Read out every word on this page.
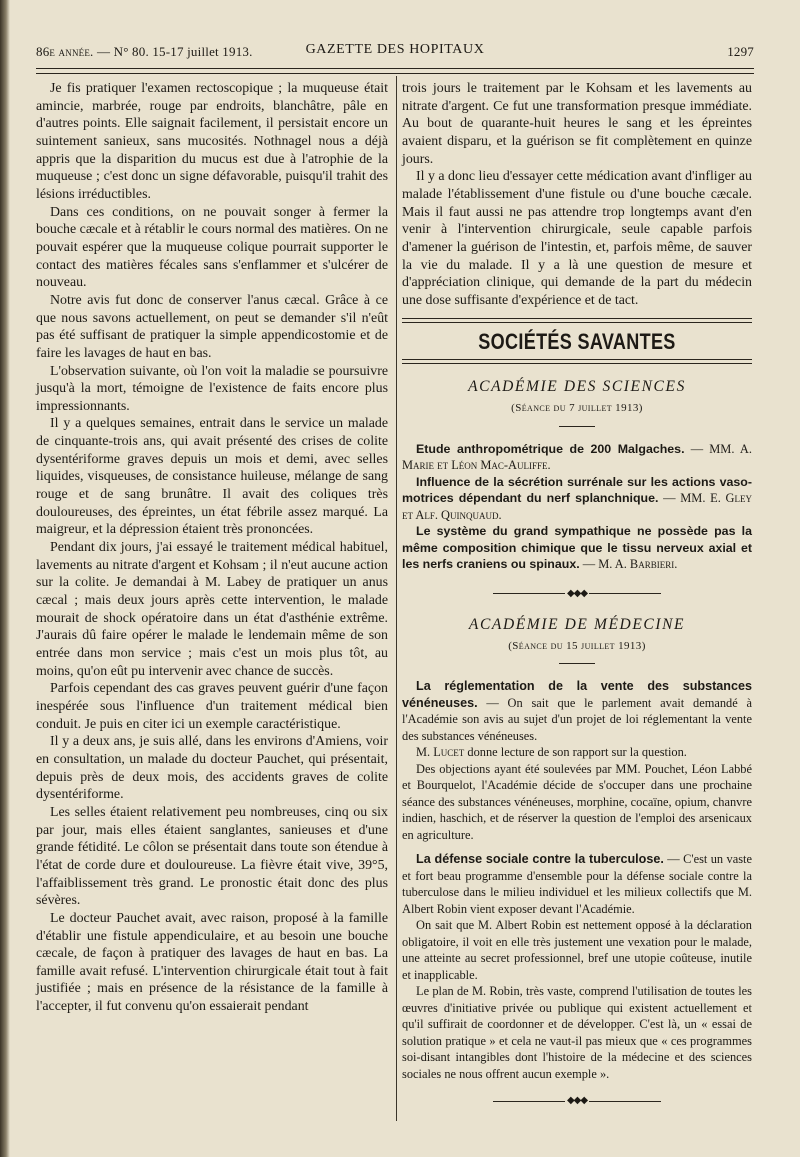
86e année. — N° 80. 15-17 juillet 1913.	GAZETTE DES HOPITAUX	1297

Je fis pratiquer l'examen rectoscopique ; la muqueuse était amincie, marbrée, rouge par endroits, blanchâtre, pâle en d'autres points. Elle saignait facilement, il persistait encore un suintement sanieux, sans mucosités. Nothnagel nous a déjà appris que la disparition du mucus est due à l'atrophie de la muqueuse ; c'est donc un signe défavorable, puisqu'il trahit des lésions irréductibles.

Dans ces conditions, on ne pouvait songer à fermer la bouche cæcale et à rétablir le cours normal des matières. On ne pouvait espérer que la muqueuse colique pourrait supporter le contact des matières fécales sans s'enflammer et s'ulcérer de nouveau.

Notre avis fut donc de conserver l'anus cæcal. Grâce à ce que nous savons actuellement, on peut se demander s'il n'eût pas été suffisant de pratiquer la simple appendicostomie et de faire les lavages de haut en bas.

L'observation suivante, où l'on voit la maladie se poursuivre jusqu'à la mort, témoigne de l'existence de faits encore plus impressionnants.

Il y a quelques semaines, entrait dans le service un malade de cinquante-trois ans, qui avait présenté des crises de colite dysentériforme graves depuis un mois et demi, avec selles liquides, visqueuses, de consistance huileuse, mélange de sang rouge et de sang brunâtre. Il avait des coliques très douloureuses, des épreintes, un état fébrile assez marqué. La maigreur, et la dépression étaient très prononcées.

Pendant dix jours, j'ai essayé le traitement médical habituel, lavements au nitrate d'argent et Kohsam ; il n'eut aucune action sur la colite. Je demandai à M. Labey de pratiquer un anus cæcal ; mais deux jours après cette intervention, le malade mourait de shock opératoire dans un état d'asthénie extrême. J'aurais dû faire opérer le malade le lendemain même de son entrée dans mon service ; mais c'est un mois plus tôt, au moins, qu'on eût pu intervenir avec chance de succès.

Parfois cependant des cas graves peuvent guérir d'une façon inespérée sous l'influence d'un traitement médical bien conduit. Je puis en citer ici un exemple caractéristique.

Il y a deux ans, je suis allé, dans les environs d'Amiens, voir en consultation, un malade du docteur Pauchet, qui présentait, depuis près de deux mois, des accidents graves de colite dysentériforme.

Les selles étaient relativement peu nombreuses, cinq ou six par jour, mais elles étaient sanglantes, sanieuses et d'une grande fétidité. Le côlon se présentait dans toute son étendue à l'état de corde dure et douloureuse. La fièvre était vive, 39°5, l'affaiblissement très grand. Le pronostic était donc des plus sévères.

Le docteur Pauchet avait, avec raison, proposé à la famille d'établir une fistule appendiculaire, et au besoin une bouche cæcale, de façon à pratiquer des lavages de haut en bas. La famille avait refusé. L'intervention chirurgicale était tout à fait justifiée ; mais en présence de la résistance de la famille à l'accepter, il fut convenu qu'on essaierait pendant

trois jours le traitement par le Kohsam et les lavements au nitrate d'argent. Ce fut une transformation presque immédiate. Au bout de quarante-huit heures le sang et les épreintes avaient disparu, et la guérison se fit complètement en quinze jours.

Il y a donc lieu d'essayer cette médication avant d'infliger au malade l'établissement d'une fistule ou d'une bouche cæcale. Mais il faut aussi ne pas attendre trop longtemps avant d'en venir à l'intervention chirurgicale, seule capable parfois d'amener la guérison de l'intestin, et, parfois même, de sauver la vie du malade. Il y a là une question de mesure et d'appréciation clinique, qui demande de la part du médecin une dose suffisante d'expérience et de tact.

SOCIÉTÉS SAVANTES
ACADÉMIE DES SCIENCES
(Séance du 7 juillet 1913)

Etude anthropométrique de 200 Malgaches. — MM. A. Marie et Léon Mac-Auliffe.

Influence de la sécrétion surrénale sur les actions vaso-motrices dépendant du nerf splanchnique. — MM. E. Gley et Alf. Quinquaud.

Le système du grand sympathique ne possède pas la même composition chimique que le tissu nerveux axial et les nerfs craniens ou spinaux. — M. A. Barbieri.

◆◆◆
ACADÉMIE DE MÉDECINE
(Séance du 15 juillet 1913)

La réglementation de la vente des substances vénéneuses. — On sait que le parlement avait demandé à l'Académie son avis au sujet d'un projet de loi réglementant la vente des substances vénéneuses.

M. Lucet donne lecture de son rapport sur la question.

Des objections ayant été soulevées par MM. Pouchet, Léon Labbé et Bourquelot, l'Académie décide de s'occuper dans une prochaine séance des substances vénéneuses, morphine, cocaïne, opium, chanvre indien, haschich, et de réserver la question de l'emploi des arsenicaux en agriculture.

La défense sociale contre la tuberculose. — C'est un vaste et fort beau programme d'ensemble pour la défense sociale contre la tuberculose dans le milieu individuel et les milieux collectifs que M. Albert Robin vient exposer devant l'Académie.

On sait que M. Albert Robin est nettement opposé à la déclaration obligatoire, il voit en elle très justement une vexation pour le malade, une atteinte au secret professionnel, bref une utopie coûteuse, inutile et inapplicable.

Le plan de M. Robin, très vaste, comprend l'utilisation de toutes les œuvres d'initiative privée ou publique qui existent actuellement et qu'il suffirait de coordonner et de développer. C'est là, un « essai de solution pratique » et cela ne vaut-il pas mieux que « ces programmes soi-disant intangibles dont l'histoire de la médecine et des sciences sociales ne nous offrent aucun exemple ».

◆◆◆
